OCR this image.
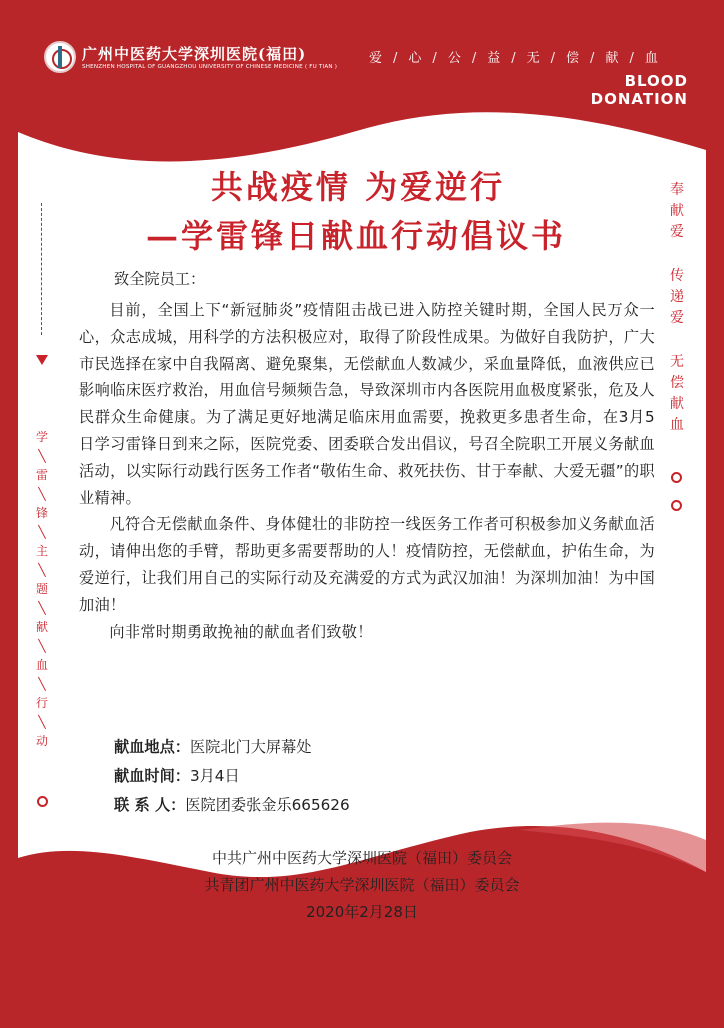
广州中医药大学深圳医院(福田)
SHENZHEN HOSPITAL OF GUANGZHOU UNIVERSITY OF CHINESE MEDICINE ( FU TIAN )
爱 / 心 / 公 / 益 / 无 / 偿 / 献 / 血
BLOOD
DONATION
共战疫情 为爱逆行
—学雷锋日献血行动倡议书
学╲雷╲锋╲主╲题╲献╲血╲行╲动
奉献爱
传递爱
无偿献血
致全院员工：

目前，全国上下“新冠肺炎”疫情阻击战已进入防控关键时期，全国人民万众一心，众志成城，用科学的方法积极应对，取得了阶段性成果。为做好自我防护，广大市民选择在家中自我隔离、避免聚集，无偿献血人数减少，采血量降低，血液供应已影响临床医疗救治，用血信号频频告急，导致深圳市内各医院用血极度紧张，危及人民群众生命健康。为了满足更好地满足临床用血需要，挽救更多患者生命，在3月5日学习雷锋日到来之际，医院党委、团委联合发出倡议，号召全院职工开展义务献血活动，以实际行动践行医务工作者“敬佑生命、救死扶伤、甘于奉献、大爱无疆”的职业精神。

凡符合无偿献血条件、身体健壮的非防控一线医务工作者可积极参加义务献血活动，请伸出您的手臂，帮助更多需要帮助的人！疫情防控，无偿献血，护佑生命，为爱逆行，让我们用自己的实际行动及充满爱的方式为武汉加油！为深圳加油！为中国加油！

向非常时期勇敢挽袖的献血者们致敬！

献血地点：医院北门大屏幕处
献血时间：3月4日
联 系 人：医院团委张金乐665626
中共广州中医药大学深圳医院（福田）委员会
共青团广州中医药大学深圳医院（福田）委员会
2020年2月28日
